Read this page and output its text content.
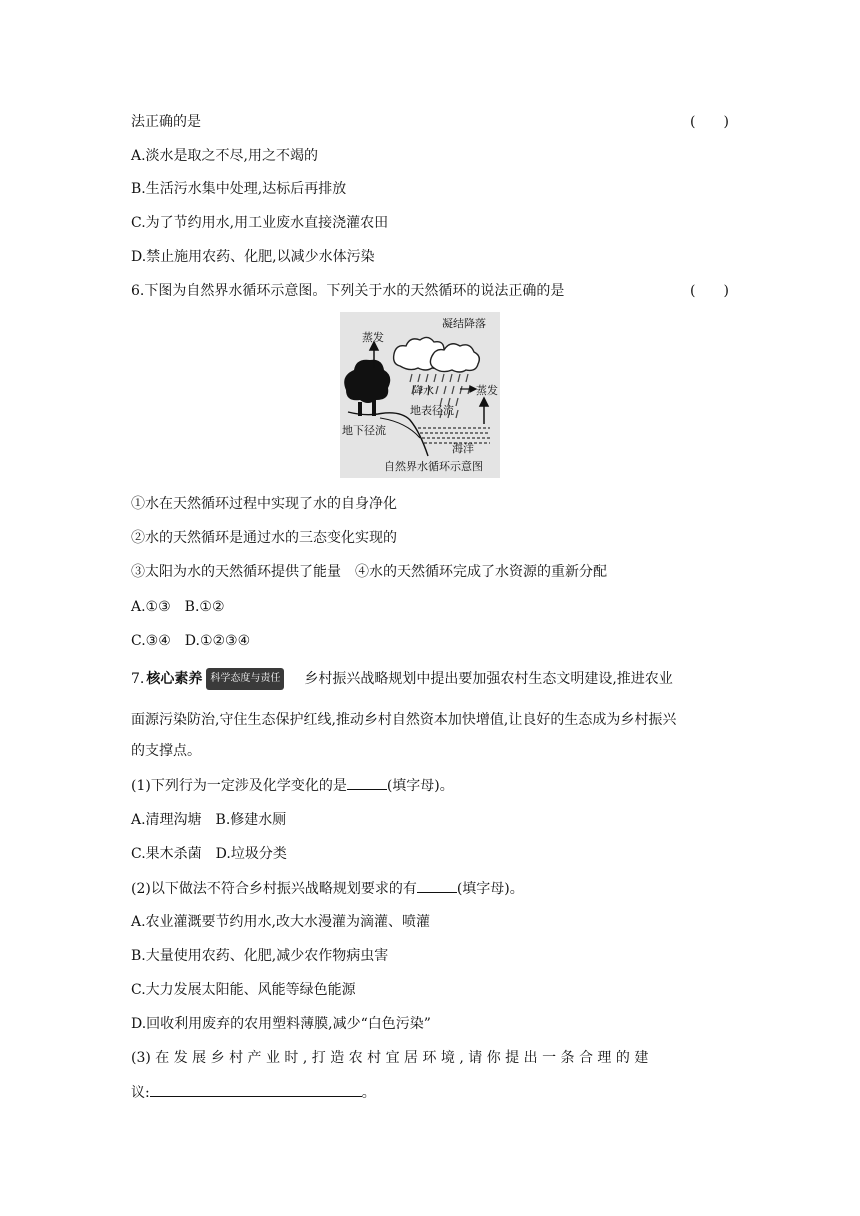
法正确的是	(　　)
A.淡水是取之不尽,用之不竭的
B.生活污水集中处理,达标后再排放
C.为了节约用水,用工业废水直接浇灌农田
D.禁止施用农药、化肥,以减少水体污染
6.下图为自然界水循环示意图。下列关于水的天然循环的说法正确的是	(　　)
蒸发
凝结降落
降水	蒸发
地表径流
地下径流
海洋
自然界水循环示意图
①水在天然循环过程中实现了水的自身净化
②水的天然循环是通过水的三态变化实现的
③太阳为水的天然循环提供了能量　④水的天然循环完成了水资源的重新分配
A.①③　B.①②
C.③④　D.①②③④
7. 核心素养 科学态度与责任 乡村振兴战略规划中提出要加强农村生态文明建设,推进农业
面源污染防治,守住生态保护红线,推动乡村自然资本加快增值,让良好的生态成为乡村振兴
的支撑点。
(1)下列行为一定涉及化学变化的是	(填字母)。
A.清理沟塘　B.修建水厕
C.果木杀菌　D.垃圾分类
(2)以下做法不符合乡村振兴战略规划要求的有	(填字母)。
A.农业灌溉要节约用水,改大水漫灌为滴灌、喷灌
B.大量使用农药、化肥,减少农作物病虫害
C.大力发展太阳能、风能等绿色能源
D.回收利用废弃的农用塑料薄膜,减少“白色污染”
(3) 在 发 展 乡 村 产 业 时 , 打 造 农 村 宜 居 环 境 , 请 你 提 出 一 条 合 理 的 建
议:	。
